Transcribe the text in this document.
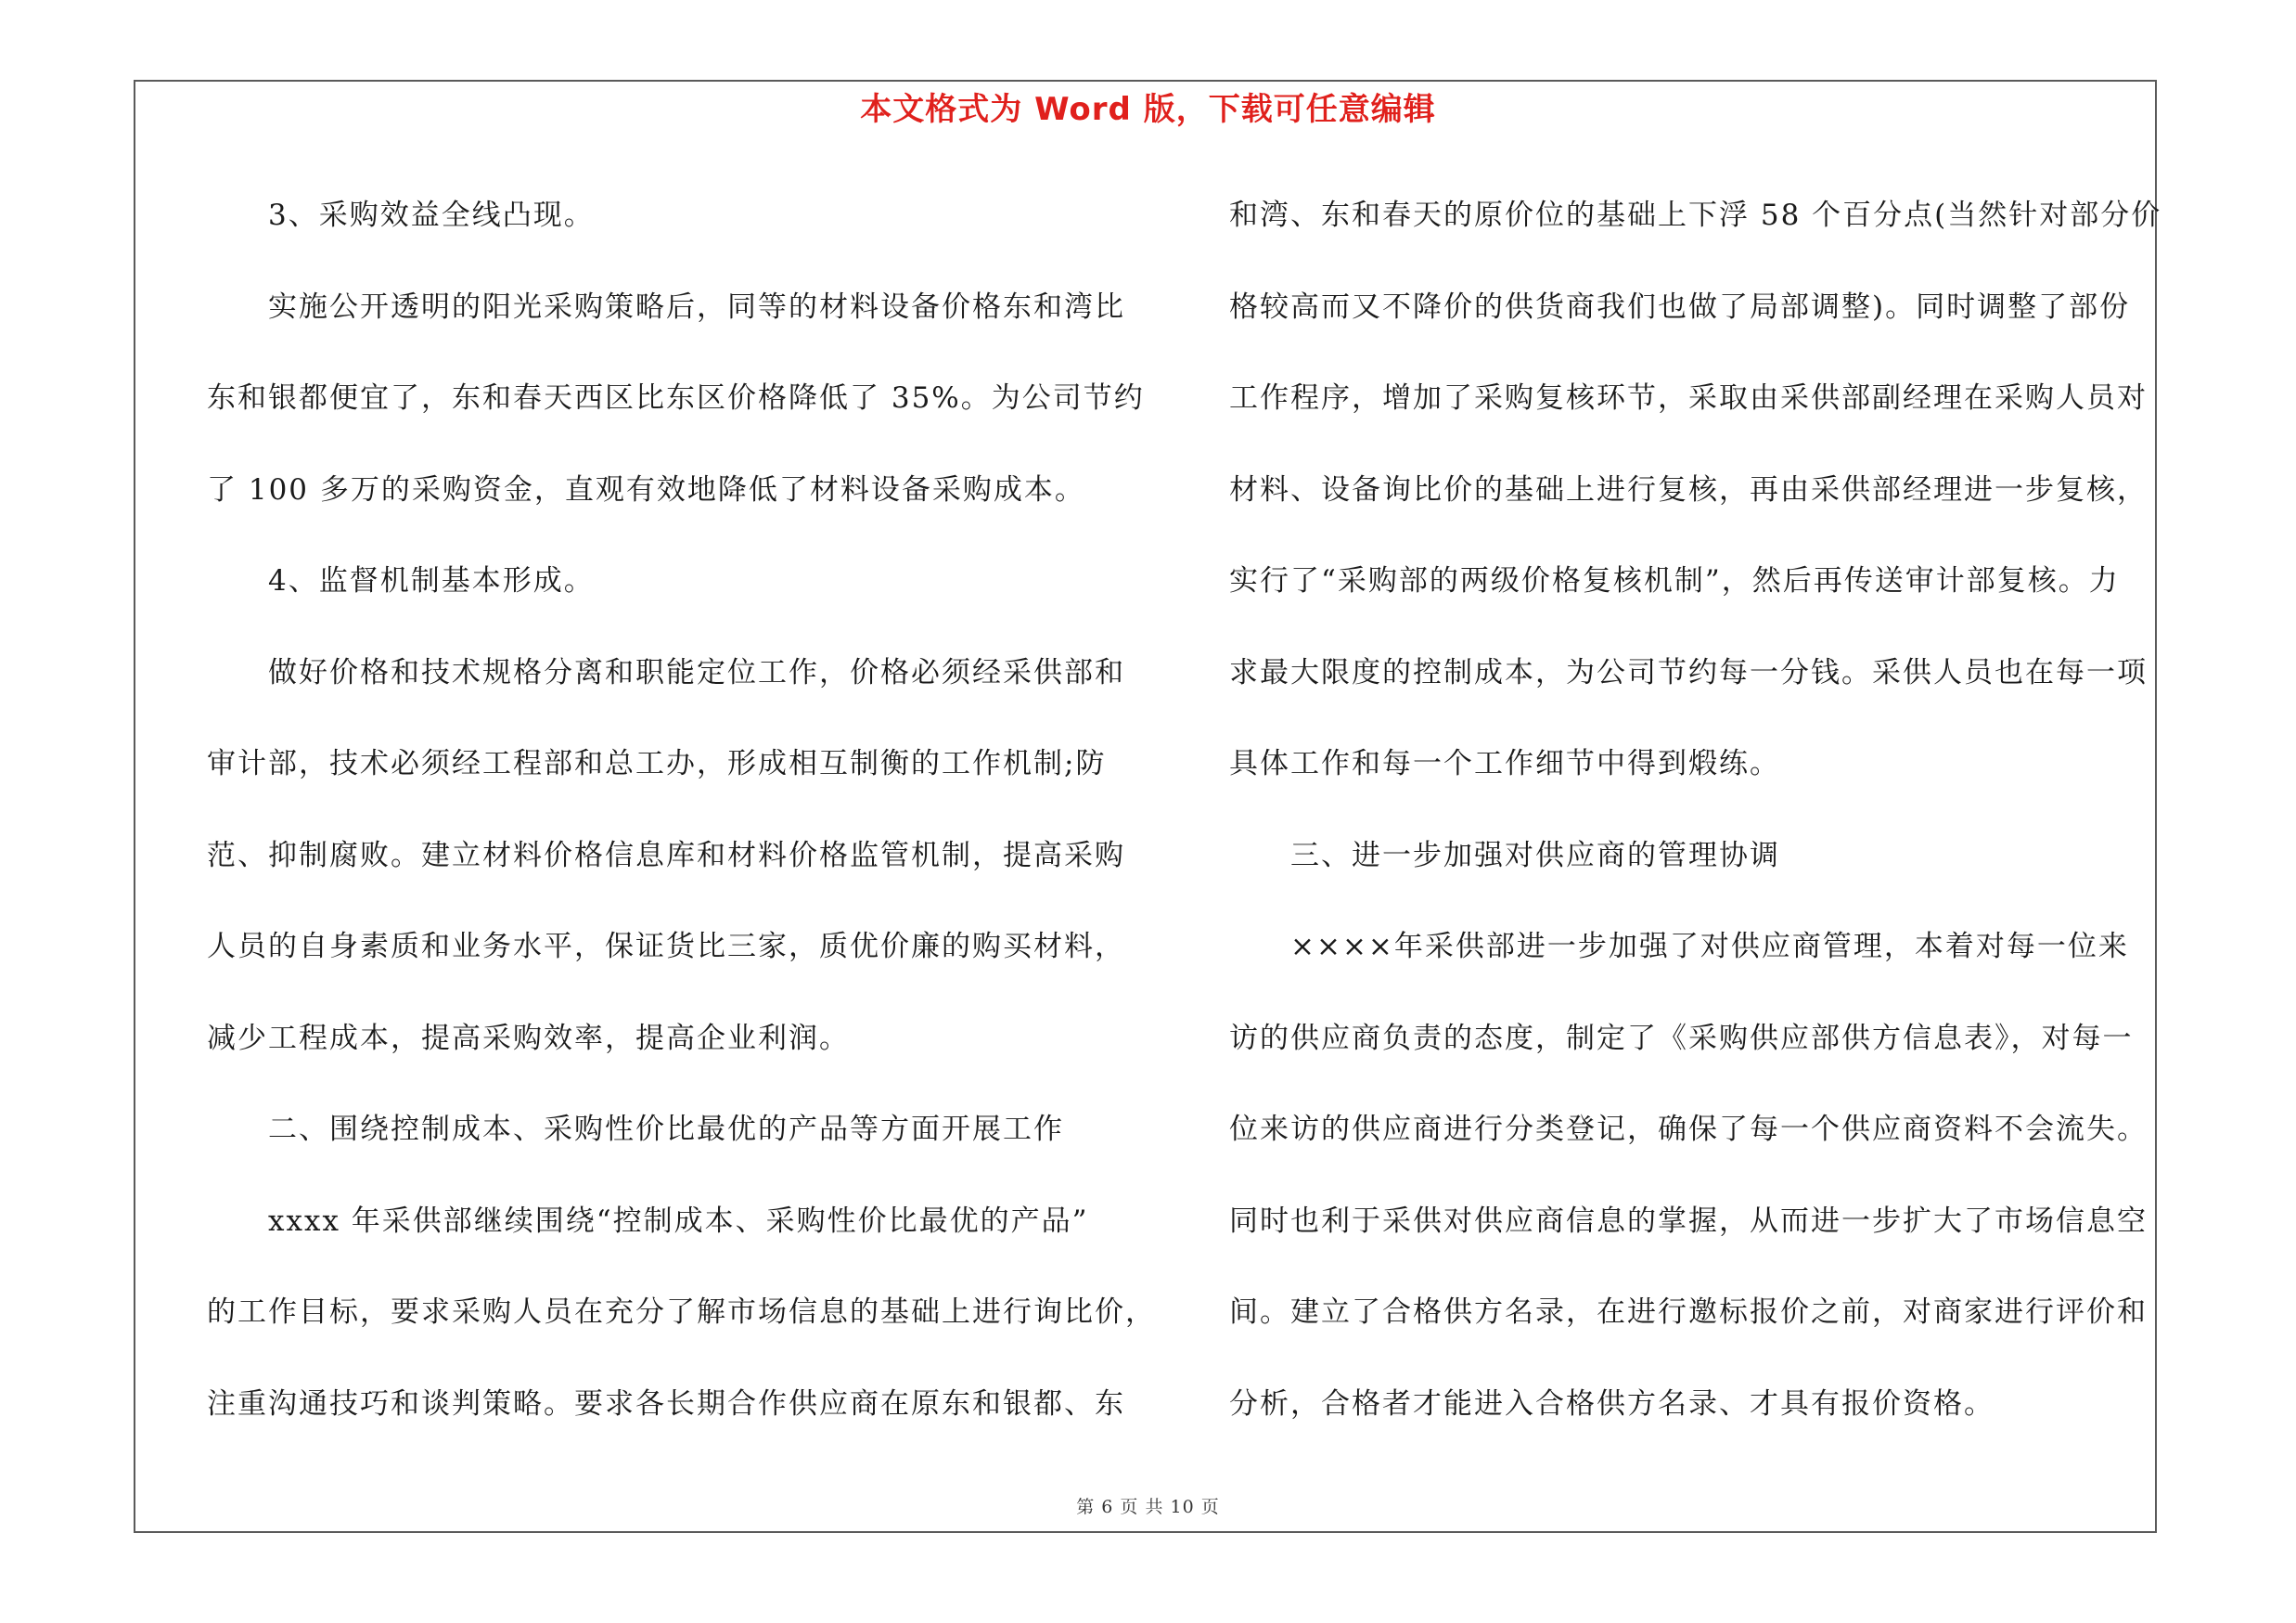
本文格式为 Word 版，下载可任意编辑
　　3、采购效益全线凸现。
　　实施公开透明的阳光采购策略后，同等的材料设备价格东和湾比
东和银都便宜了，东和春天西区比东区价格降低了 35%。为公司节约
了 100 多万的采购资金，直观有效地降低了材料设备采购成本。
　　4、监督机制基本形成。
　　做好价格和技术规格分离和职能定位工作，价格必须经采供部和
审计部，技术必须经工程部和总工办，形成相互制衡的工作机制;防
范、抑制腐败。建立材料价格信息库和材料价格监管机制，提高采购
人员的自身素质和业务水平，保证货比三家，质优价廉的购买材料，
减少工程成本，提高采购效率，提高企业利润。
　　二、围绕控制成本、采购性价比最优的产品等方面开展工作
　　xxxx 年采供部继续围绕“控制成本、采购性价比最优的产品”
的工作目标，要求采购人员在充分了解市场信息的基础上进行询比价，
注重沟通技巧和谈判策略。要求各长期合作供应商在原东和银都、东
和湾、东和春天的原价位的基础上下浮 58 个百分点(当然针对部分价
格较高而又不降价的供货商我们也做了局部调整)。同时调整了部份
工作程序，增加了采购复核环节，采取由采供部副经理在采购人员对
材料、设备询比价的基础上进行复核，再由采供部经理进一步复核，
实行了“采购部的两级价格复核机制”，然后再传送审计部复核。力
求最大限度的控制成本，为公司节约每一分钱。采供人员也在每一项
具体工作和每一个工作细节中得到煅练。
　　三、进一步加强对供应商的管理协调
　　××××年采供部进一步加强了对供应商管理，本着对每一位来
访的供应商负责的态度，制定了《采购供应部供方信息表》，对每一
位来访的供应商进行分类登记，确保了每一个供应商资料不会流失。
同时也利于采供对供应商信息的掌握，从而进一步扩大了市场信息空
间。建立了合格供方名录，在进行邀标报价之前，对商家进行评价和
分析，合格者才能进入合格供方名录、才具有报价资格。
第 6 页 共 10 页
